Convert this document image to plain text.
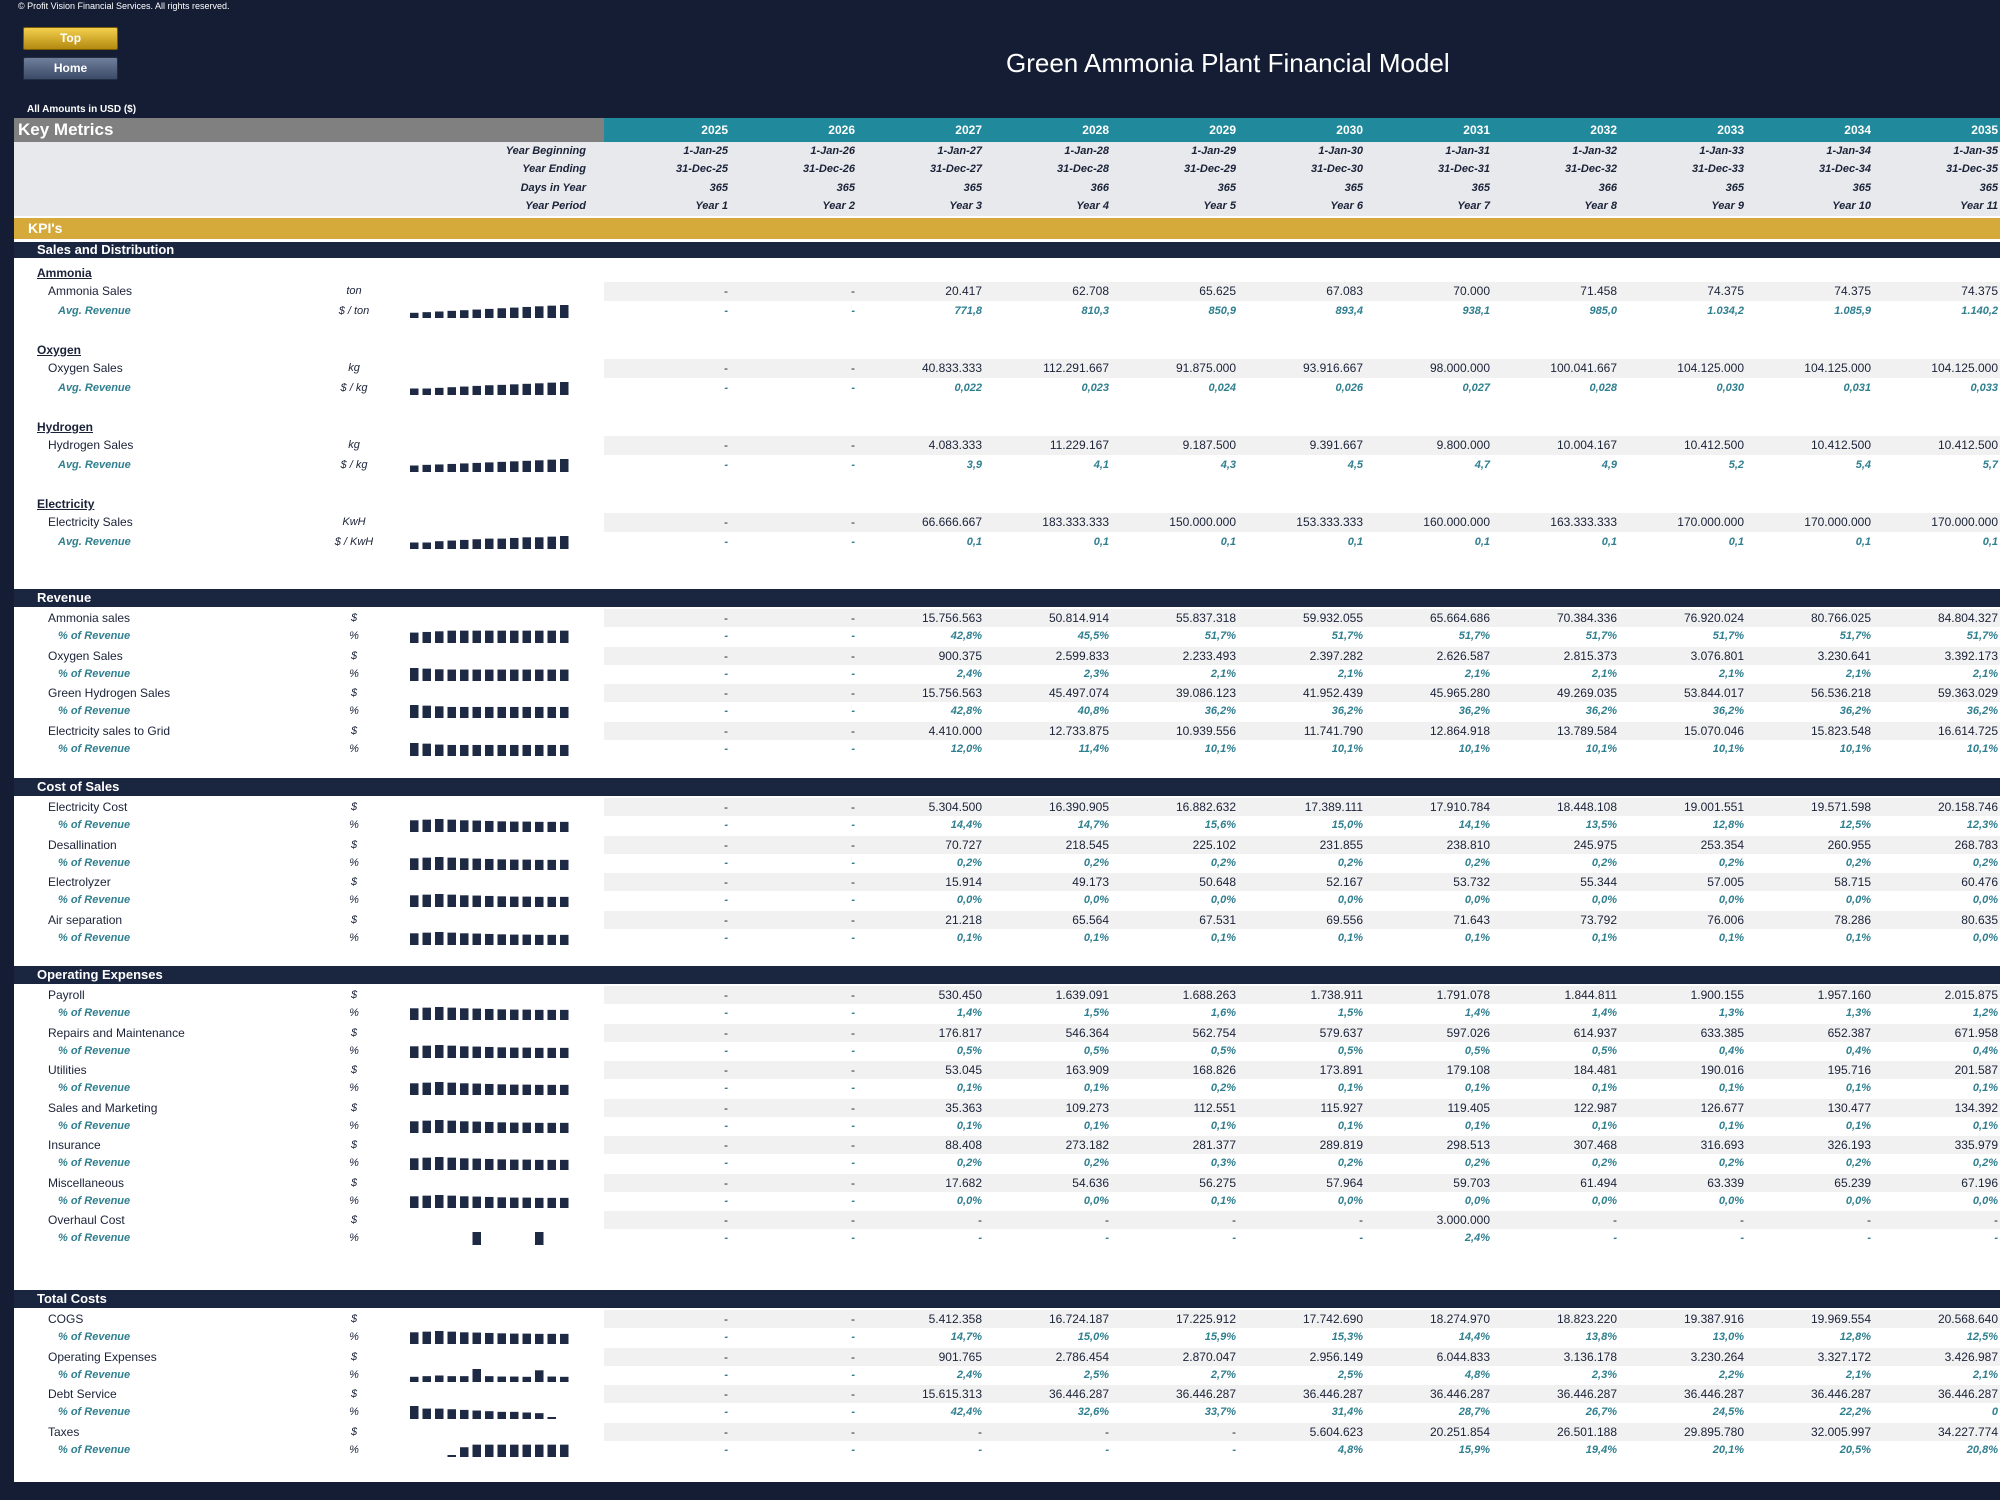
© Profit Vision Financial Services. All rights reserved.
Top
Home	Green Ammonia Plant Financial Model
All Amounts in USD ($)
Key Metrics	2025	2026	2027	2028	2029	2030	2031	2032	2033	2034	2035
Year Beginning	1-Jan-25	1-Jan-26	1-Jan-27	1-Jan-28	1-Jan-29	1-Jan-30	1-Jan-31	1-Jan-32	1-Jan-33	1-Jan-34	1-Jan-35
Year Ending	31-Dec-25	31-Dec-26	31-Dec-27	31-Dec-28	31-Dec-29	31-Dec-30	31-Dec-31	31-Dec-32	31-Dec-33	31-Dec-34	31-Dec-35
Days in Year	365	365	365	366	365	365	365	366	365	365	365
Year Period	Year 1	Year 2	Year 3	Year 4	Year 5	Year 6	Year 7	Year 8	Year 9	Year 10	Year 11
KPI's
Sales and Distribution
Ammonia
Ammonia Sales	ton	-	-	20.417	62.708	65.625	67.083	70.000	71.458	74.375	74.375	74.375
Avg. Revenue	$ / ton	-	-	771,8	810,3	850,9	893,4	938,1	985,0	1.034,2	1.085,9	1.140,2
Oxygen
Oxygen Sales	kg	-	-	40.833.333	112.291.667	91.875.000	93.916.667	98.000.000	100.041.667	104.125.000	104.125.000	104.125.000
Avg. Revenue	$ / kg	-	-	0,022	0,023	0,024	0,026	0,027	0,028	0,030	0,031	0,033
Hydrogen
Hydrogen Sales	kg	-	-	4.083.333	11.229.167	9.187.500	9.391.667	9.800.000	10.004.167	10.412.500	10.412.500	10.412.500
Avg. Revenue	$ / kg	-	-	3,9	4,1	4,3	4,5	4,7	4,9	5,2	5,4	5,7
Electricity
Electricity Sales	KwH	-	-	66.666.667	183.333.333	150.000.000	153.333.333	160.000.000	163.333.333	170.000.000	170.000.000	170.000.000
Avg. Revenue	$ / KwH	-	-	0,1	0,1	0,1	0,1	0,1	0,1	0,1	0,1	0,1
Revenue
Ammonia sales	$	-	-	15.756.563	50.814.914	55.837.318	59.932.055	65.664.686	70.384.336	76.920.024	80.766.025	84.804.327
% of Revenue	%	-	-	42,8%	45,5%	51,7%	51,7%	51,7%	51,7%	51,7%	51,7%	51,7%
Oxygen Sales	$	-	-	900.375	2.599.833	2.233.493	2.397.282	2.626.587	2.815.373	3.076.801	3.230.641	3.392.173
% of Revenue	%	-	-	2,4%	2,3%	2,1%	2,1%	2,1%	2,1%	2,1%	2,1%	2,1%
Green Hydrogen Sales	$	-	-	15.756.563	45.497.074	39.086.123	41.952.439	45.965.280	49.269.035	53.844.017	56.536.218	59.363.029
% of Revenue	%	-	-	42,8%	40,8%	36,2%	36,2%	36,2%	36,2%	36,2%	36,2%	36,2%
Electricity sales to Grid	$	-	-	4.410.000	12.733.875	10.939.556	11.741.790	12.864.918	13.789.584	15.070.046	15.823.548	16.614.725
% of Revenue	%	-	-	12,0%	11,4%	10,1%	10,1%	10,1%	10,1%	10,1%	10,1%	10,1%
Cost of Sales
Electricity Cost	$	-	-	5.304.500	16.390.905	16.882.632	17.389.111	17.910.784	18.448.108	19.001.551	19.571.598	20.158.746
% of Revenue	%	-	-	14,4%	14,7%	15,6%	15,0%	14,1%	13,5%	12,8%	12,5%	12,3%
Desallination	$	-	-	70.727	218.545	225.102	231.855	238.810	245.975	253.354	260.955	268.783
% of Revenue	%	-	-	0,2%	0,2%	0,2%	0,2%	0,2%	0,2%	0,2%	0,2%	0,2%
Electrolyzer	$	-	-	15.914	49.173	50.648	52.167	53.732	55.344	57.005	58.715	60.476
% of Revenue	%	-	-	0,0%	0,0%	0,0%	0,0%	0,0%	0,0%	0,0%	0,0%	0,0%
Air separation	$	-	-	21.218	65.564	67.531	69.556	71.643	73.792	76.006	78.286	80.635
% of Revenue	%	-	-	0,1%	0,1%	0,1%	0,1%	0,1%	0,1%	0,1%	0,1%	0,0%
Operating Expenses
Payroll	$	-	-	530.450	1.639.091	1.688.263	1.738.911	1.791.078	1.844.811	1.900.155	1.957.160	2.015.875
% of Revenue	%	-	-	1,4%	1,5%	1,6%	1,5%	1,4%	1,4%	1,3%	1,3%	1,2%
Repairs and Maintenance	$	-	-	176.817	546.364	562.754	579.637	597.026	614.937	633.385	652.387	671.958
% of Revenue	%	-	-	0,5%	0,5%	0,5%	0,5%	0,5%	0,5%	0,4%	0,4%	0,4%
Utilities	$	-	-	53.045	163.909	168.826	173.891	179.108	184.481	190.016	195.716	201.587
% of Revenue	%	-	-	0,1%	0,1%	0,2%	0,1%	0,1%	0,1%	0,1%	0,1%	0,1%
Sales and Marketing	$	-	-	35.363	109.273	112.551	115.927	119.405	122.987	126.677	130.477	134.392
% of Revenue	%	-	-	0,1%	0,1%	0,1%	0,1%	0,1%	0,1%	0,1%	0,1%	0,1%
Insurance	$	-	-	88.408	273.182	281.377	289.819	298.513	307.468	316.693	326.193	335.979
% of Revenue	%	-	-	0,2%	0,2%	0,3%	0,2%	0,2%	0,2%	0,2%	0,2%	0,2%
Miscellaneous	$	-	-	17.682	54.636	56.275	57.964	59.703	61.494	63.339	65.239	67.196
% of Revenue	%	-	-	0,0%	0,0%	0,1%	0,0%	0,0%	0,0%	0,0%	0,0%	0,0%
Overhaul Cost	$	-	-	-	-	-	-	3.000.000	-	-	-	-
% of Revenue	%	-	-	-	-	-	-	2,4%	-	-	-	-
Total Costs
COGS	$	-	-	5.412.358	16.724.187	17.225.912	17.742.690	18.274.970	18.823.220	19.387.916	19.969.554	20.568.640
% of Revenue	%	-	-	14,7%	15,0%	15,9%	15,3%	14,4%	13,8%	13,0%	12,8%	12,5%
Operating Expenses	$	-	-	901.765	2.786.454	2.870.047	2.956.149	6.044.833	3.136.178	3.230.264	3.327.172	3.426.987
% of Revenue	%	-	-	2,4%	2,5%	2,7%	2,5%	4,8%	2,3%	2,2%	2,1%	2,1%
Debt Service	$	-	-	15.615.313	36.446.287	36.446.287	36.446.287	36.446.287	36.446.287	36.446.287	36.446.287	36.446.287
% of Revenue	%	-	-	42,4%	32,6%	33,7%	31,4%	28,7%	26,7%	24,5%	22,2%	0
Taxes	$	-	-	-	-	-	5.604.623	20.251.854	26.501.188	29.895.780	32.005.997	34.227.774
% of Revenue	%	-	-	-	-	-	4,8%	15,9%	19,4%	20,1%	20,5%	20,8%
